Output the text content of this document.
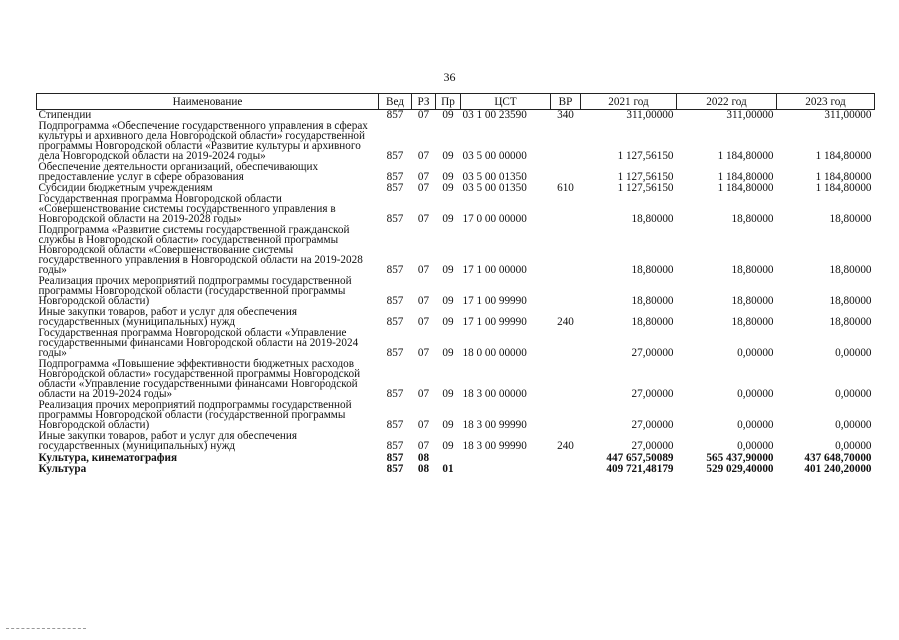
36
Наименование	Вед	РЗ	Пр	ЦСТ	ВР	2021 год	2022 год	2023 год
Стипендии	857	07	09	03 1 00 23590	340	311,00000	311,00000	311,00000
Подпрограмма «Обеспечение государственного управления в сферах культуры и архивного дела Новгородской области» государственной программы Новгородской области «Развитие культуры и архивного дела Новгородской области на 2019-2024 годы»	857	07	09	03 5 00 00000		1 127,56150	1 184,80000	1 184,80000
Обеспечение деятельности организаций, обеспечивающих предоставление услуг в сфере образования	857	07	09	03 5 00 01350		1 127,56150	1 184,80000	1 184,80000
Субсидии бюджетным учреждениям	857	07	09	03 5 00 01350	610	1 127,56150	1 184,80000	1 184,80000
Государственная программа Новгородской области «Совершенствование системы государственного управления в Новгородской области на 2019-2028 годы»	857	07	09	17 0 00 00000		18,80000	18,80000	18,80000
Подпрограмма «Развитие системы государственной гражданской службы в Новгородской области» государственной программы Новгородской области «Совершенствование системы государственного управления в Новгородской области на 2019-2028 годы»	857	07	09	17 1 00 00000		18,80000	18,80000	18,80000
Реализация прочих мероприятий подпрограммы государственной программы Новгородской области (государственной программы Новгородской области)	857	07	09	17 1 00 99990		18,80000	18,80000	18,80000
Иные закупки товаров, работ и услуг для обеспечения государственных (муниципальных) нужд	857	07	09	17 1 00 99990	240	18,80000	18,80000	18,80000
Государственная программа Новгородской области «Управление государственными финансами Новгородской области на 2019-2024 годы»	857	07	09	18 0 00 00000		27,00000	0,00000	0,00000
Подпрограмма «Повышение эффективности бюджетных расходов Новгородской области» государственной программы Новгородской области «Управление государственными финансами Новгородской области на 2019-2024 годы»	857	07	09	18 3 00 00000		27,00000	0,00000	0,00000
Реализация прочих мероприятий подпрограммы государственной программы Новгородской области (государственной программы Новгородской области)	857	07	09	18 3 00 99990		27,00000	0,00000	0,00000
Иные закупки товаров, работ и услуг для обеспечения государственных (муниципальных) нужд	857	07	09	18 3 00 99990	240	27,00000	0,00000	0,00000
Культура, кинематография	857	08				447 657,50089	565 437,90000	437 648,70000
Культура	857	08	01			409 721,48179	529 029,40000	401 240,20000
